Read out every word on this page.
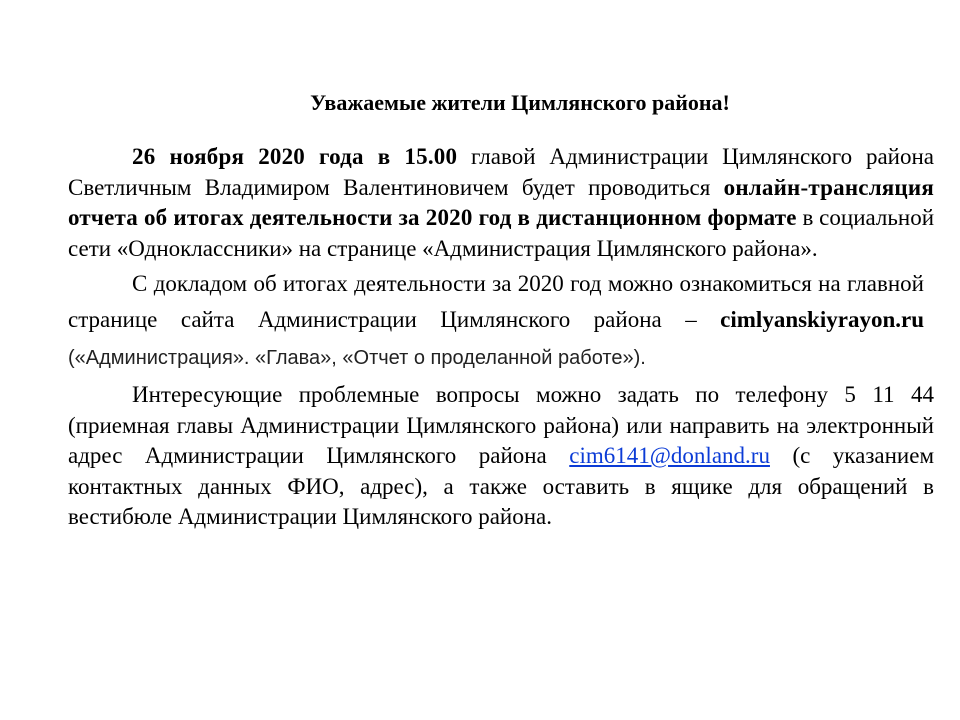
Уважаемые жители Цимлянского района!

26 ноября 2020 года в 15.00 главой Администрации Цимлянского района Светличным Владимиром Валентиновичем будет проводиться онлайн-трансляция отчета об итогах деятельности за 2020 год в дистанционном формате в социальной сети «Одноклассники» на странице «Администрация Цимлянского района».

С докладом об итогах деятельности за 2020 год можно ознакомиться на главной странице сайта Администрации Цимлянского района – cimlyanskiyrayon.ru («Администрация». «Глава», «Отчет о проделанной работе»).

Интересующие проблемные вопросы можно задать по телефону 5 11 44 (приемная главы Администрации Цимлянского района) или направить на электронный адрес Администрации Цимлянского района cim6141@donland.ru (с указанием контактных данных ФИО, адрес), а также оставить в ящике для обращений в вестибюле Администрации Цимлянского района.
